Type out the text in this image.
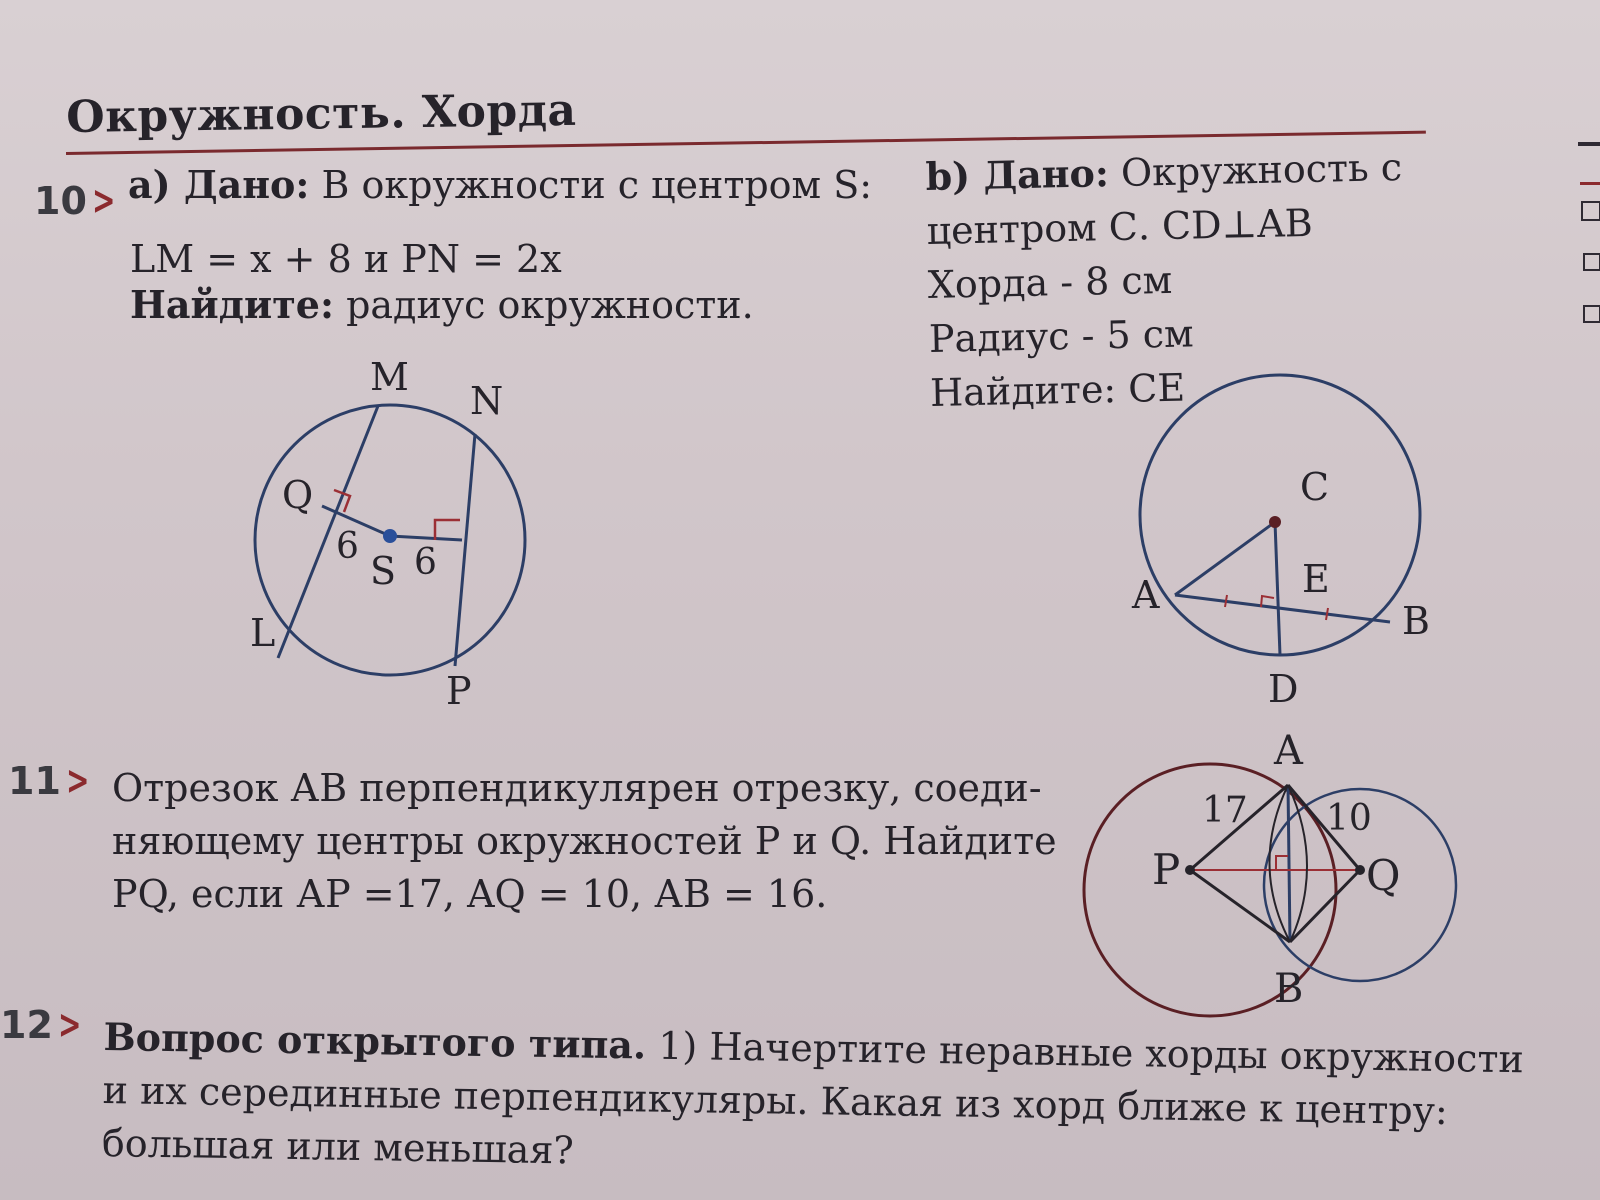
Окружность. Хорда
10 > а) Дано: В окружности с центром S:
LM = x + 8 и PN = 2x
Найдите: радиус окружности.
b) Дано: Окружность с
центром С. CD⊥AB
Хорда - 8 см
Радиус - 5 см
Найдите: СЕ
M
N
Q
6
S 6
L
P
C
A	E
B
D
11 > Отрезок АВ перпендикулярен отрезку, соеди-
няющему центры окружностей P и Q. Найдите
PQ, если АР =17, AQ = 10, АВ = 16.
A
17 10
P	Q
B
12 > Вопрос открытого типа. 1) Начертите неравные хорды окружности
и их серединные перпендикуляры. Какая из хорд ближе к центру:
большая или меньшая?
